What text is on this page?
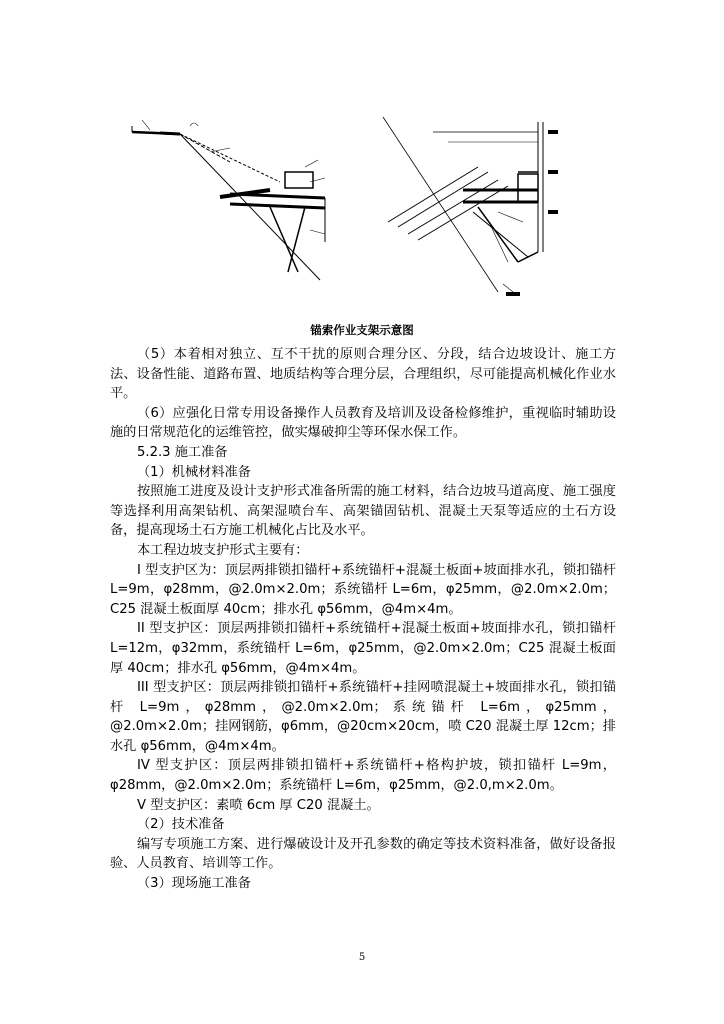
锚索作业支架示意图

（5）本着相对独立、互不干扰的原则合理分区、分段，结合边坡设计、施工方法、设备性能、道路布置、地质结构等合理分层，合理组织，尽可能提高机械化作业水平。

（6）应强化日常专用设备操作人员教育及培训及设备检修维护，重视临时辅助设施的日常规范化的运维管控，做实爆破抑尘等环保水保工作。

5.2.3 施工准备

（1）机械材料准备

按照施工进度及设计支护形式准备所需的施工材料，结合边坡马道高度、施工强度等选择利用高架钻机、高架湿喷台车、高架锚固钻机、混凝土天泵等适应的土石方设备，提高现场土石方施工机械化占比及水平。

本工程边坡支护形式主要有：

I 型支护区为：顶层两排锁扣锚杆+系统锚杆+混凝土板面+坡面排水孔，锁扣锚杆 L=9m，φ28mm，@2.0m×2.0m；系统锚杆 L=6m，φ25mm，@2.0m×2.0m；C25 混凝土板面厚 40cm；排水孔 φ56mm，@4m×4m。

II 型支护区：顶层两排锁扣锚杆+系统锚杆+混凝土板面+坡面排水孔，锁扣锚杆 L=12m，φ32mm，系统锚杆 L=6m，φ25mm，@2.0m×2.0m；C25 混凝土板面厚 40cm；排水孔 φ56mm，@4m×4m。

III 型支护区：顶层两排锁扣锚杆+系统锚杆+挂网喷混凝土+坡面排水孔，锁扣锚杆 L=9m，φ28mm，@2.0m×2.0m；系统锚杆 L=6m，φ25mm，@2.0m×2.0m；挂网钢筋，φ6mm，@20cm×20cm，喷 C20 混凝土厚 12cm；排水孔 φ56mm，@4m×4m。

IV 型支护区：顶层两排锁扣锚杆+系统锚杆+格构护坡，锁扣锚杆 L=9m，φ28mm，@2.0m×2.0m；系统锚杆 L=6m，φ25mm，@2.0,m×2.0m。

V 型支护区：素喷 6cm 厚 C20 混凝土。

（2）技术准备

编写专项施工方案、进行爆破设计及开孔参数的确定等技术资料准备，做好设备报验、人员教育、培训等工作。

（3）现场施工准备

5
